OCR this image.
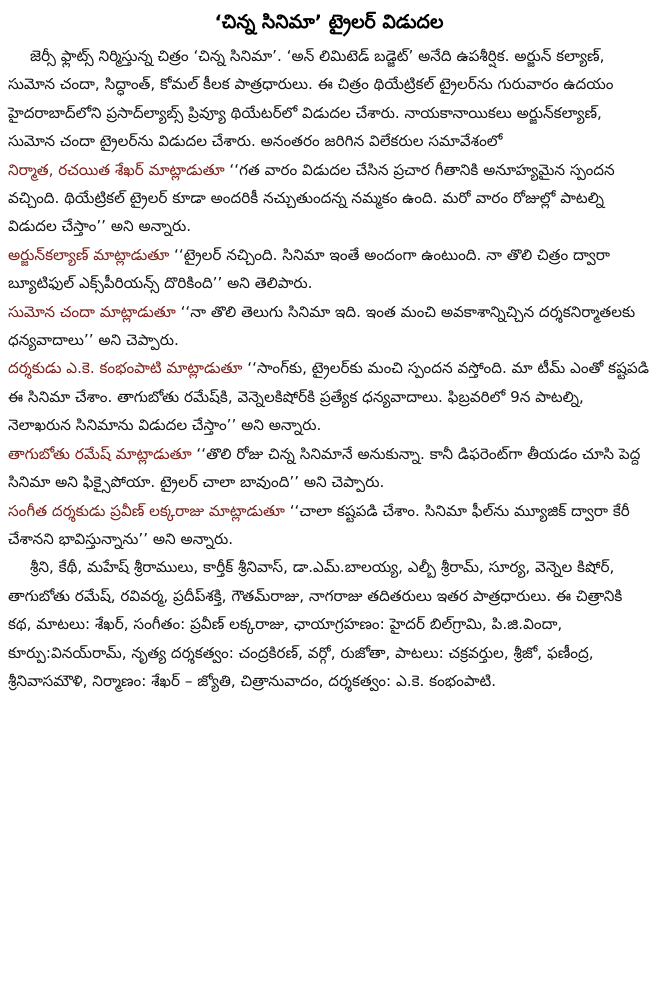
‘చిన్న సినిమా’ ట్రైలర్ విడుదల

జెర్సీ ఫ్లాట్స్ నిర్మిస్తున్న చిత్రం ‘చిన్న సినిమా’. ‘అన్ లిమిటెడ్ బడ్జెట్’ అనేది ఉపశీర్షిక. అర్జున్ కల్యాణ్, సుమోన చందా, సిద్ధాంత్, కోమల్ కీలక పాత్రధారులు. ఈ చిత్రం థియేట్రికల్ ట్రైలర్‌ను గురువారం ఉదయం హైదరాబాద్‌లోని ప్రసాద్‌ల్యాబ్స్ ప్రివ్యూ థియేటర్‌లో విడుదల చేశారు. నాయకానాయికలు అర్జున్‌కల్యాణ్, సుమోన చందా ట్రైలర్‌ను విడుదల చేశారు. అనంతరం జరిగిన విలేకరుల సమావేశంలో

నిర్మాత, రచయిత శేఖర్ మాట్లాడుతూ ‘‘గత వారం విడుదల చేసిన ప్రచార గీతానికి అనూహ్యమైన స్పందన వచ్చింది. థియేట్రికల్ ట్రైలర్ కూడా అందరికీ నచ్చుతుందన్న నమ్మకం ఉంది. మరో వారం రోజుల్లో పాటల్ని విడుదల చేస్తాం’’ అని అన్నారు.

అర్జున్‌కల్యాణ్ మాట్లాడుతూ ‘‘ట్రైలర్ నచ్చింది. సినిమా ఇంతే అందంగా ఉంటుంది. నా తొలి చిత్రం ద్వారా బ్యూటిఫుల్ ఎక్స్‌పీరియన్స్ దొరికింది’’ అని తెలిపారు.

సుమోన చందా మాట్లాడుతూ ‘‘నా తొలి తెలుగు సినిమా ఇది. ఇంత మంచి అవకాశాన్నిచ్చిన దర్శకనిర్మాతలకు ధన్యవాదాలు’’ అని చెప్పారు.

దర్శకుడు ఎ.కె. కంభంపాటి మాట్లాడుతూ ‘‘సాంగ్‌కు, ట్రైలర్‌కు మంచి స్పందన వస్తోంది. మా టీమ్ ఎంతో కష్టపడి ఈ సినిమా చేశాం. తాగుబోతు రమేష్‌కి, వెన్నెలకిషోర్‌కి ప్రత్యేక ధన్యవాదాలు. ఫిబ్రవరిలో 9న పాటల్ని, నెలాఖరున సినిమాను విడుదల చేస్తాం’’ అని అన్నారు.

తాగుబోతు రమేష్ మాట్లాడుతూ ‘‘తొలి రోజు చిన్న సినిమానే అనుకున్నా. కానీ డిఫరెంట్‌గా తీయడం చూసి పెద్ద సినిమా అని ఫిక్సైపోయా. ట్రైలర్ చాలా బావుంది’’ అని చెప్పారు.

సంగీత దర్శకుడు ప్రవీణ్ లక్కరాజు మాట్లాడుతూ ‘‘చాలా కష్టపడి చేశాం. సినిమా ఫీల్‌ను మ్యూజిక్ ద్వారా కేరీ చేశానని భావిస్తున్నాను’’ అని అన్నారు.

శ్రీని, కేథీ, మహేష్ శ్రీరాములు, కార్తీక్ శ్రీనివాస్, డా.ఎమ్.బాలయ్య, ఎల్బీ శ్రీరామ్, సూర్య, వెన్నెల కిషోర్, తాగుబోతు రమేష్, రవివర్మ, ప్రదీప్‌శక్తి, గౌతమ్‌రాజు, నాగరాజు తదితరులు ఇతర పాత్రధారులు. ఈ చిత్రానికి కథ, మాటలు: శేఖర్, సంగీతం: ప్రవీణ్ లక్కరాజు, ఛాయాగ్రహణం: హైదర్ బిల్‌గ్రామి, పి.జి.విందా, కూర్పు:వినయ్‌రామ్, నృత్య దర్శకత్వం: చంద్రకిరణ్, వర్గో, రుజోతా, పాటలు: చక్రవర్తుల, శ్రీజో, ఫణీంద్ర, శ్రీనివాసమౌళి, నిర్మాణం: శేఖర్ – జ్యోతి, చిత్రానువాదం, దర్శకత్వం: ఎ.కె. కంభంపాటి.
